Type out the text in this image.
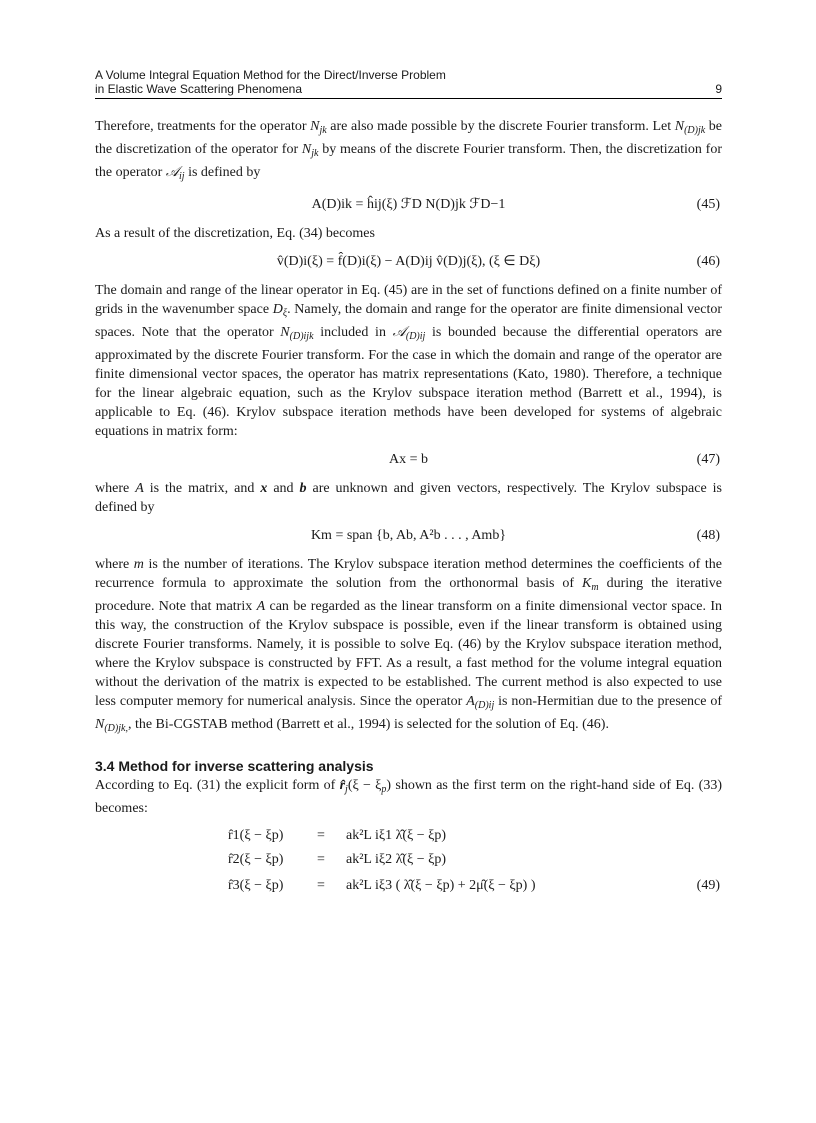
A Volume Integral Equation Method for the Direct/Inverse Problem
in Elastic Wave Scattering Phenomena	9

Therefore, treatments for the operator $N_{jk}$ are also made possible by the discrete Fourier transform. Let $N_{(D)jk}$ be the discretization of the operator for $N_{jk}$ by means of the discrete Fourier transform. Then, the discretization for the operator 𝒜$_{ij}$ is defined by

A(D)ik = ĥij(ξ) ℱD N(D)jk ℱD−1	(45)

As a result of the discretization, Eq. (34) becomes

v̂(D)i(ξ) = f̂(D)i(ξ) − A(D)ij v̂(D)j(ξ), (ξ ∈ Dξ)	(46)

The domain and range of the linear operator in Eq. (45) are in the set of functions defined on a finite number of grids in the wavenumber space $D_\xi$. Namely, the domain and range for the operator are finite dimensional vector spaces. Note that the operator $N_{(D)ijk}$ included in 𝒜$_{(D)ij}$ is bounded because the differential operators are approximated by the discrete Fourier transform. For the case in which the domain and range of the operator are finite dimensional vector spaces, the operator has matrix representations (Kato, 1980). Therefore, a technique for the linear algebraic equation, such as the Krylov subspace iteration method (Barrett et al., 1994), is applicable to Eq. (46). Krylov subspace iteration methods have been developed for systems of algebraic equations in matrix form:

Ax = b	(47)

where A is the matrix, and x and b are unknown and given vectors, respectively. The Krylov subspace is defined by

Km = span {b, Ab, A²b . . . , Amb}	(48)

where m is the number of iterations. The Krylov subspace iteration method determines the coefficients of the recurrence formula to approximate the solution from the orthonormal basis of $K_m$ during the iterative procedure. Note that matrix A can be regarded as the linear transform on a finite dimensional vector space. In this way, the construction of the Krylov subspace is possible, even if the linear transform is obtained using discrete Fourier transforms. Namely, it is possible to solve Eq. (46) by the Krylov subspace iteration method, where the Krylov subspace is constructed by FFT. As a result, a fast method for the volume integral equation without the derivation of the matrix is expected to be established. The current method is also expected to use less computer memory for numerical analysis. Since the operator $A_{(D)ij}$ is non-Hermitian due to the presence of $N_{(D)jk,}$, the Bi-CGSTAB method (Barrett et al., 1994) is selected for the solution of Eq. (46).

3.4 Method for inverse scattering analysis

According to Eq. (31) the explicit form of $r̂_j(\xi - \xi_p)$ shown as the first term on the right-hand side of Eq. (33) becomes:

r̂1(ξ − ξp) = ak²L iξ1 λ̂̂(ξ − ξp)
r̂2(ξ − ξp) = ak²L iξ2 λ̂̂(ξ − ξp)
r̂3(ξ − ξp) = ak²L iξ3 ( λ̂̂(ξ − ξp) + 2μ̂̂(ξ − ξp) )	(49)
